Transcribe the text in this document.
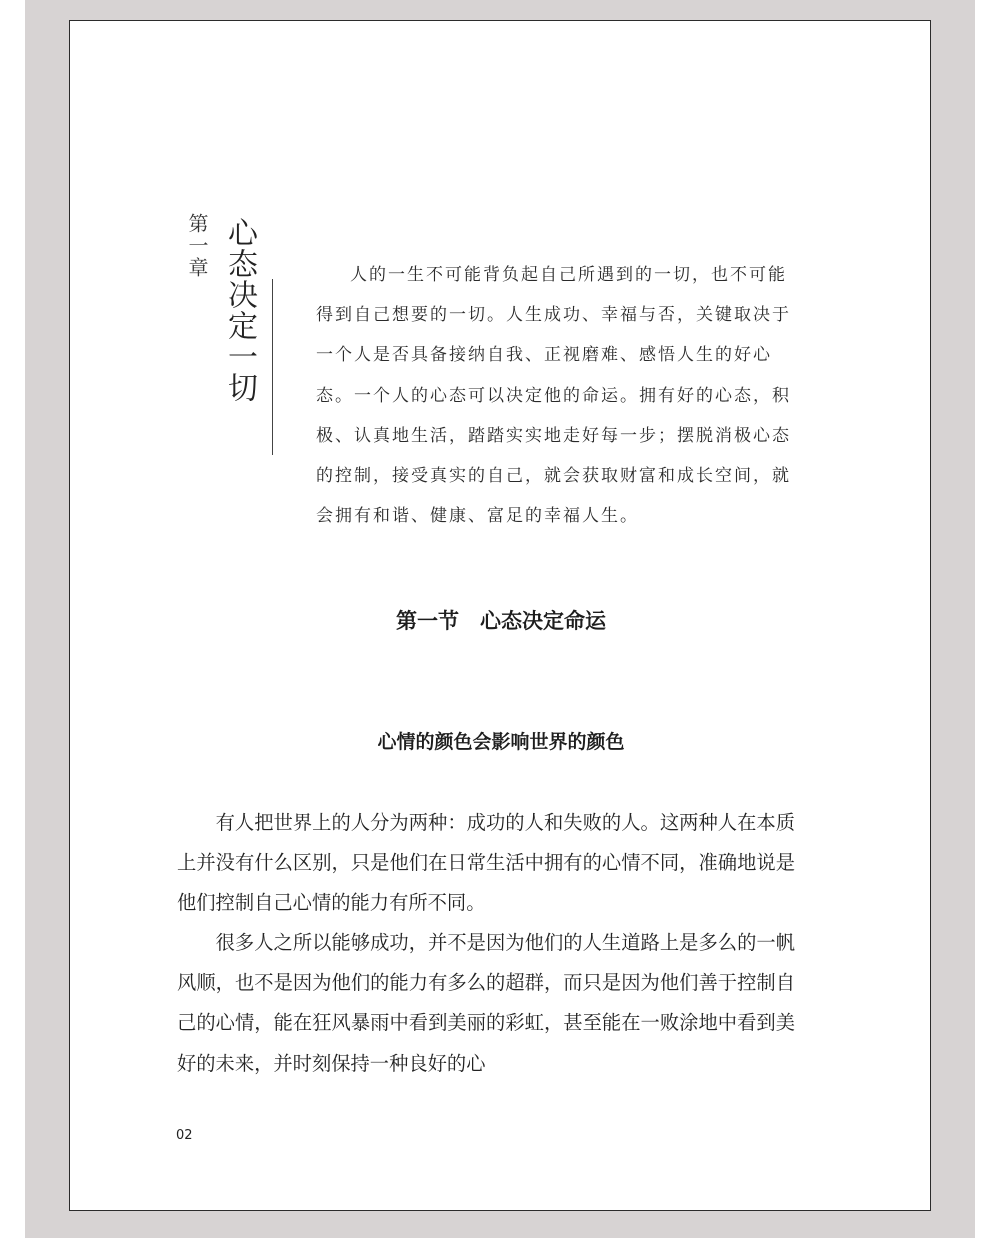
第一章 心态决定一切	人的一生不可能背负起自己所遇到的一切，也不可能得到自己想要的一切。人生成功、幸福与否，关键取决于一个人是否具备接纳自我、正视磨难、感悟人生的好心态。一个人的心态可以决定他的命运。拥有好的心态，积极、认真地生活，踏踏实实地走好每一步；摆脱消极心态的控制，接受真实的自己，就会获取财富和成长空间，就会拥有和谐、健康、富足的幸福人生。

第一节　心态决定命运
心情的颜色会影响世界的颜色

有人把世界上的人分为两种：成功的人和失败的人。这两种人在本质上并没有什么区别，只是他们在日常生活中拥有的心情不同，准确地说是他们控制自己心情的能力有所不同。

很多人之所以能够成功，并不是因为他们的人生道路上是多么的一帆风顺，也不是因为他们的能力有多么的超群，而只是因为他们善于控制自己的心情，能在狂风暴雨中看到美丽的彩虹，甚至能在一败涂地中看到美好的未来，并时刻保持一种良好的心

02
